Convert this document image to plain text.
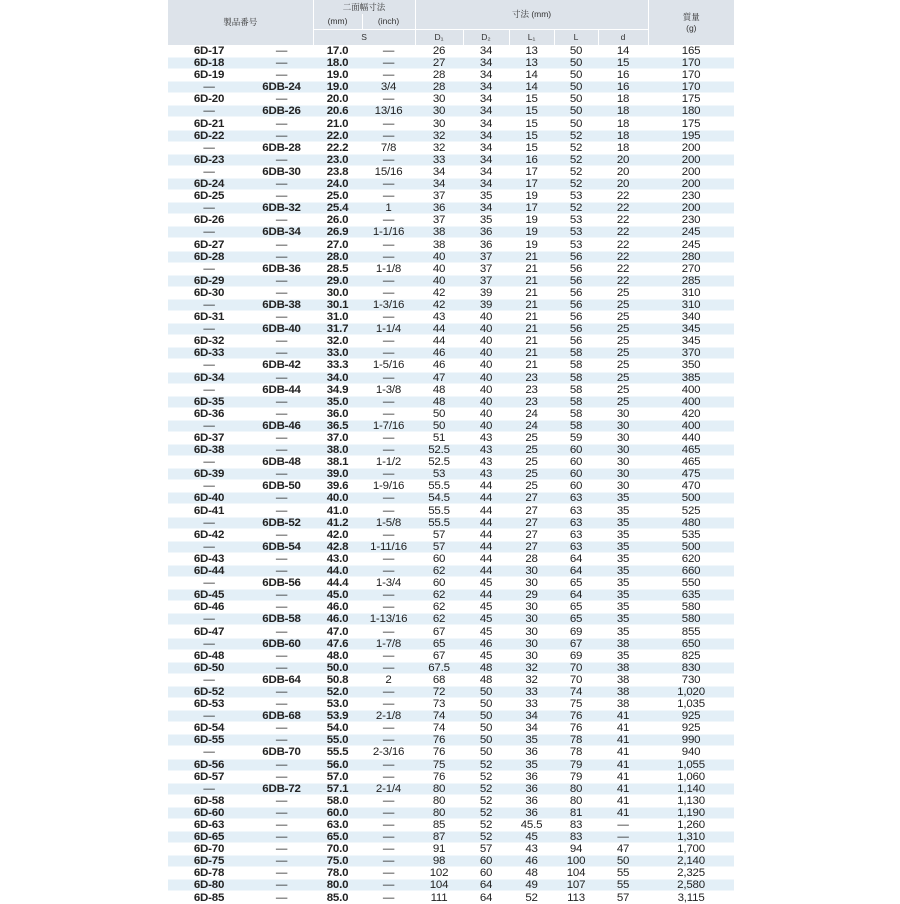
製品番号		二面幅寸法		寸法 (mm)					質量
(g)
		(mm)	(inch)						
		S		D₁	D₂	L₁	L	d	
6D-17	—	17.0	—	26	34	13	50	14	165
6D-18	—	18.0	—	27	34	13	50	15	170
6D-19	—	19.0	—	28	34	14	50	16	170
—	6DB-24	19.0	3/4	28	34	14	50	16	170
6D-20	—	20.0	—	30	34	15	50	18	175
—	6DB-26	20.6	13/16	30	34	15	50	18	180
6D-21	—	21.0	—	30	34	15	50	18	175
6D-22	—	22.0	—	32	34	15	52	18	195
—	6DB-28	22.2	7/8	32	34	15	52	18	200
6D-23	—	23.0	—	33	34	16	52	20	200
—	6DB-30	23.8	15/16	34	34	17	52	20	200
6D-24	—	24.0	—	34	34	17	52	20	200
6D-25	—	25.0	—	37	35	19	53	22	230
—	6DB-32	25.4	1	36	34	17	52	22	200
6D-26	—	26.0	—	37	35	19	53	22	230
—	6DB-34	26.9	1-1/16	38	36	19	53	22	245
6D-27	—	27.0	—	38	36	19	53	22	245
6D-28	—	28.0	—	40	37	21	56	22	280
—	6DB-36	28.5	1-1/8	40	37	21	56	22	270
6D-29	—	29.0	—	40	37	21	56	22	285
6D-30	—	30.0	—	42	39	21	56	25	310
—	6DB-38	30.1	1-3/16	42	39	21	56	25	310
6D-31	—	31.0	—	43	40	21	56	25	340
—	6DB-40	31.7	1-1/4	44	40	21	56	25	345
6D-32	—	32.0	—	44	40	21	56	25	345
6D-33	—	33.0	—	46	40	21	58	25	370
—	6DB-42	33.3	1-5/16	46	40	21	58	25	350
6D-34	—	34.0	—	47	40	23	58	25	385
—	6DB-44	34.9	1-3/8	48	40	23	58	25	400
6D-35	—	35.0	—	48	40	23	58	25	400
6D-36	—	36.0	—	50	40	24	58	30	420
—	6DB-46	36.5	1-7/16	50	40	24	58	30	400
6D-37	—	37.0	—	51	43	25	59	30	440
6D-38	—	38.0	—	52.5	43	25	60	30	465
—	6DB-48	38.1	1-1/2	52.5	43	25	60	30	465
6D-39	—	39.0	—	53	43	25	60	30	475
—	6DB-50	39.6	1-9/16	55.5	44	25	60	30	470
6D-40	—	40.0	—	54.5	44	27	63	35	500
6D-41	—	41.0	—	55.5	44	27	63	35	525
—	6DB-52	41.2	1-5/8	55.5	44	27	63	35	480
6D-42	—	42.0	—	57	44	27	63	35	535
—	6DB-54	42.8	1-11/16	57	44	27	63	35	500
6D-43	—	43.0	—	60	44	28	64	35	620
6D-44	—	44.0	—	62	44	30	64	35	660
—	6DB-56	44.4	1-3/4	60	45	30	65	35	550
6D-45	—	45.0	—	62	44	29	64	35	635
6D-46	—	46.0	—	62	45	30	65	35	580
—	6DB-58	46.0	1-13/16	62	45	30	65	35	580
6D-47	—	47.0	—	67	45	30	69	35	855
—	6DB-60	47.6	1-7/8	65	46	30	67	38	650
6D-48	—	48.0	—	67	45	30	69	35	825
6D-50	—	50.0	—	67.5	48	32	70	38	830
—	6DB-64	50.8	2	68	48	32	70	38	730
6D-52	—	52.0	—	72	50	33	74	38	1,020
6D-53	—	53.0	—	73	50	33	75	38	1,035
—	6DB-68	53.9	2-1/8	74	50	34	76	41	925
6D-54	—	54.0	—	74	50	34	76	41	925
6D-55	—	55.0	—	76	50	35	78	41	990
—	6DB-70	55.5	2-3/16	76	50	36	78	41	940
6D-56	—	56.0	—	75	52	35	79	41	1,055
6D-57	—	57.0	—	76	52	36	79	41	1,060
—	6DB-72	57.1	2-1/4	80	52	36	80	41	1,140
6D-58	—	58.0	—	80	52	36	80	41	1,130
6D-60	—	60.0	—	80	52	36	81	41	1,190
6D-63	—	63.0	—	85	52	45.5	83	—	1,260
6D-65	—	65.0	—	87	52	45	83	—	1,310
6D-70	—	70.0	—	91	57	43	94	47	1,700
6D-75	—	75.0	—	98	60	46	100	50	2,140
6D-78	—	78.0	—	102	60	48	104	55	2,325
6D-80	—	80.0	—	104	64	49	107	55	2,580
6D-85	—	85.0	—	111	64	52	113	57	3,115
